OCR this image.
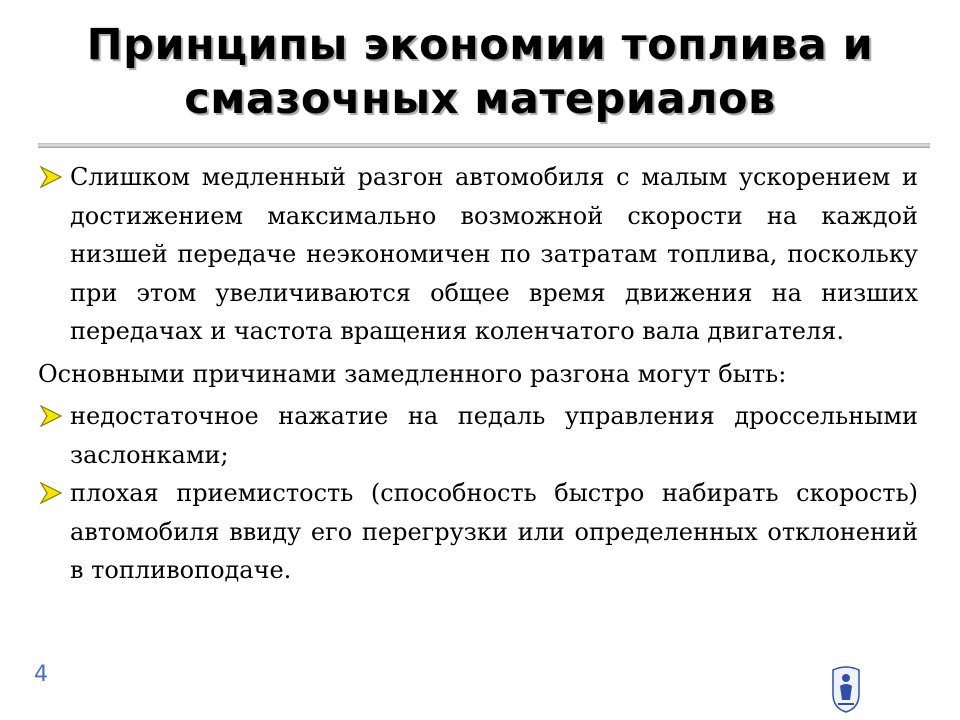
Принципы экономии топлива и смазочных материалов
Слишком медленный разгон автомобиля с малым ускорением и достижением максимально возможной скорости на каждой низшей передаче неэкономичен по затратам топлива, поскольку при этом увеличиваются общее время движения на низших передачах и частота вращения коленчатого вала двигателя.
Основными причинами замедленного разгона могут быть:
недостаточное нажатие на педаль управления дроссельными заслонками;
плохая приемистость (способность быстро набирать скорость) автомобиля ввиду его перегрузки или определенных отклонений в топливоподаче.
4
